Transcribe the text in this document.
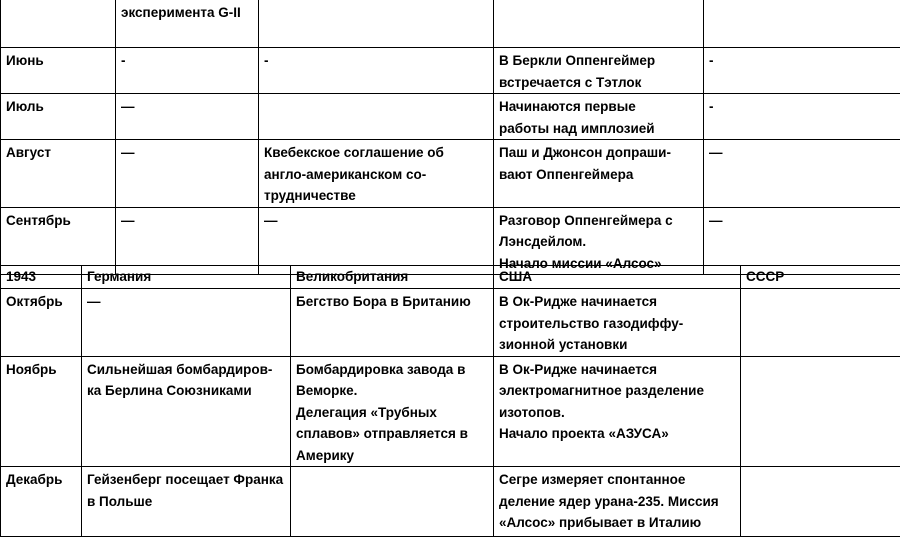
	эксперимента G-II			

Июнь	-	-	В Беркли Оппенгеймер
встречается с Тэтлок	-

Июль	—		Начинаются первые
работы над имплозией	-

Август	—	Квебекское соглашение об
англо-американском со-
трудничестве	Паш и Джонсон допраши-
вают Оппенгеймера	—

Сентябрь	—	—	Разговор Оппенгеймера с
Лэнсдейлом.
Начало миссии «Алсос»	—
1943	Германия	Великобритания	США	СССР

Октябрь	—	Бегство Бора в Британию	В Ок-Ридже начинается
строительство газодиффу-
зионной установки	

Ноябрь	Сильнейшая бомбардиров-
ка Берлина Союзниками	Бомбардировка завода в
Веморке.
Делегация «Трубных
сплавов» отправляется в
Америку	В Ок-Ридже начинается
электромагнитное разделение
изотопов.
Начало проекта «АЗУСА»	

Декабрь	Гейзенберг посещает Франка в Польше		Сегре измеряет спонтанное
деление ядер урана-235. Миссия
«Алсос» прибывает в Италию	
